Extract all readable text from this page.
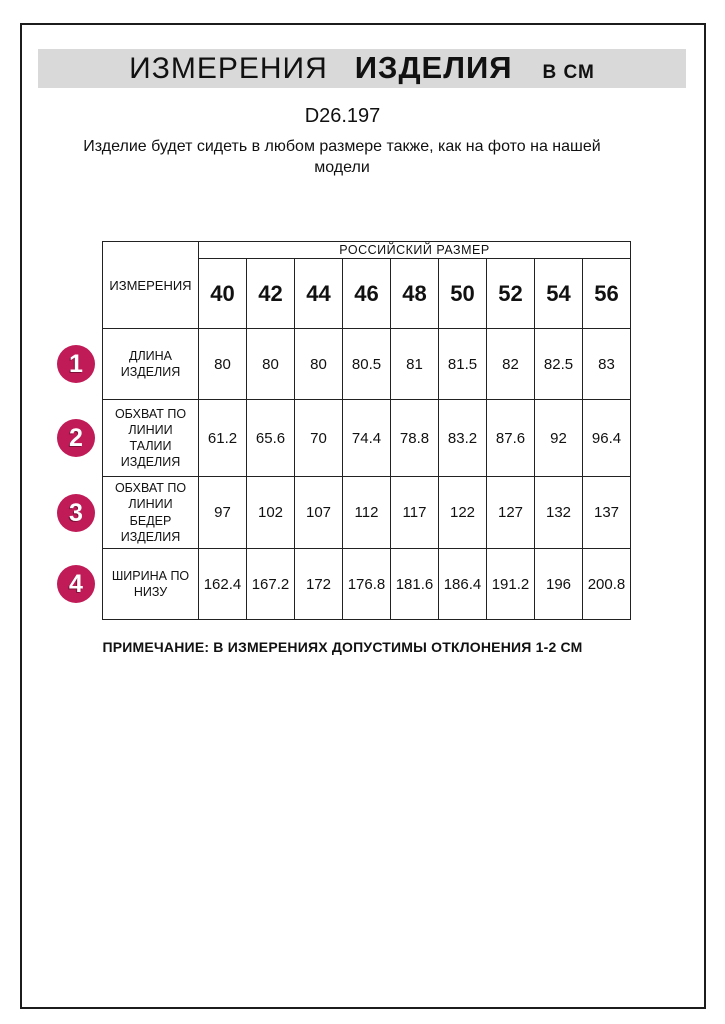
ИЗМЕРЕНИЯ ИЗДЕЛИЯ В СМ
D26.197
Изделие будет сидеть в любом размере также, как на фото на нашей модели
ИЗМЕРЕНИЯ	РОССИЙСКИЙ РАЗМЕР								
	40	42	44	46	48	50	52	54	56
ДЛИНА ИЗДЕЛИЯ	80	80	80	80.5	81	81.5	82	82.5	83
ОБХВАТ ПО ЛИНИИ ТАЛИИ ИЗДЕЛИЯ	61.2	65.6	70	74.4	78.8	83.2	87.6	92	96.4
ОБХВАТ ПО ЛИНИИ БЕДЕР ИЗДЕЛИЯ	97	102	107	112	117	122	127	132	137
ШИРИНА ПО НИЗУ	162.4	167.2	172	176.8	181.6	186.4	191.2	196	200.8
1
2
3
4
ПРИМЕЧАНИЕ: В ИЗМЕРЕНИЯХ ДОПУСТИМЫ ОТКЛОНЕНИЯ 1-2 СМ
